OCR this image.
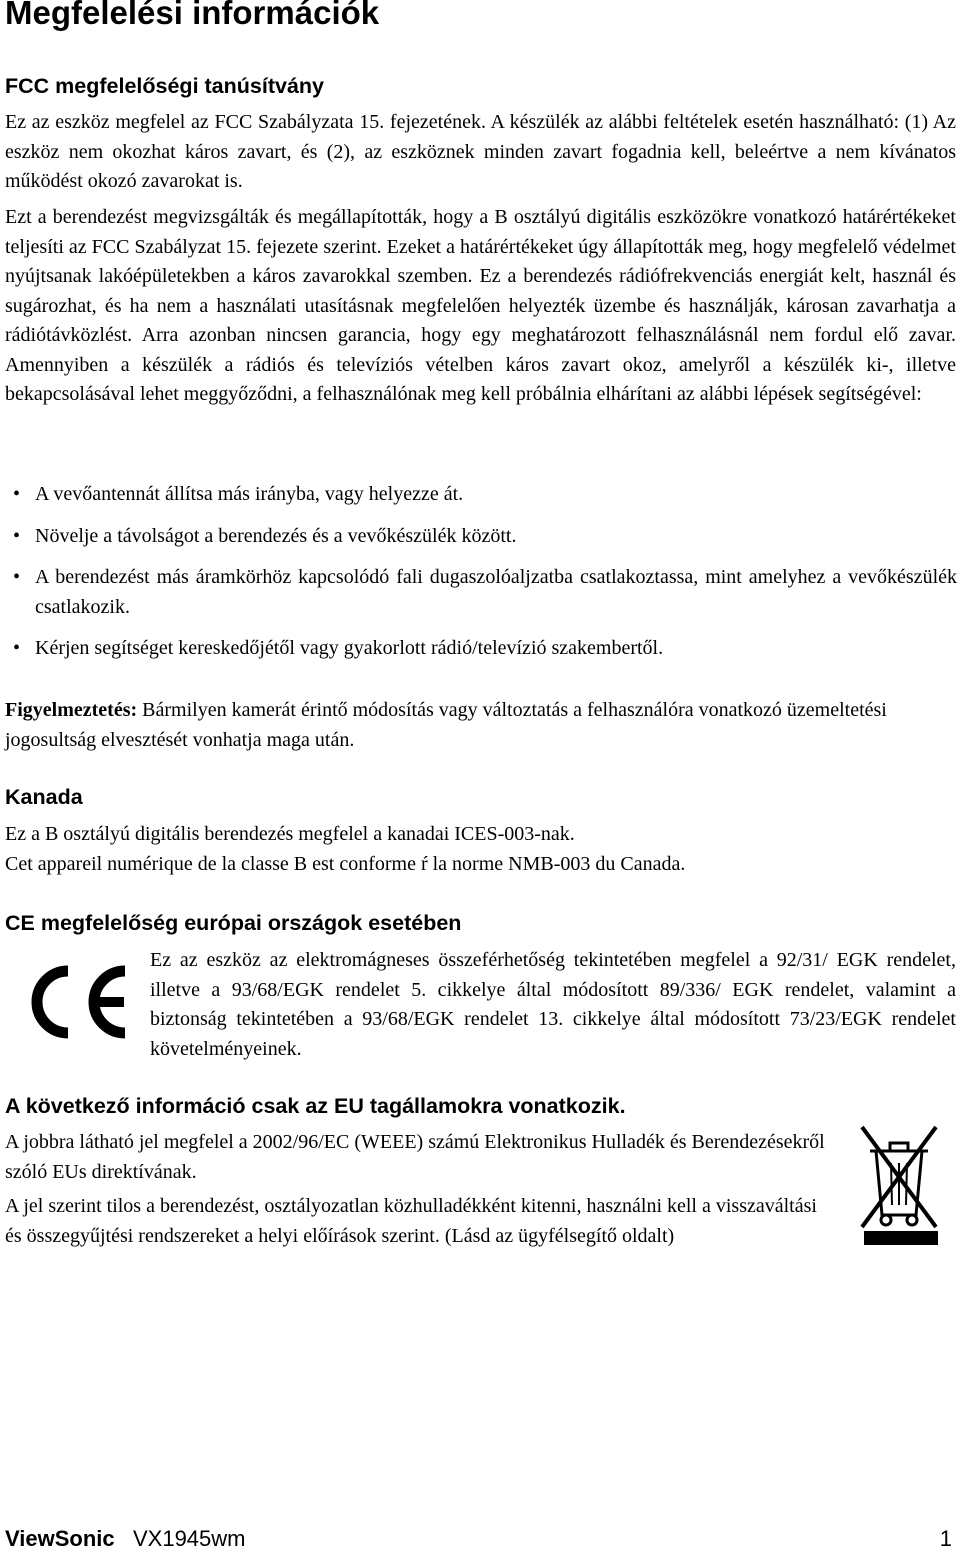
Megfelelési információk
FCC megfelelőségi tanúsítvány

Ez az eszköz megfelel az FCC Szabályzata 15. fejezetének. A készülék az alábbi feltételek esetén használható: (1) Az eszköz nem okozhat káros zavart, és (2), az eszköznek minden zavart fogadnia kell, beleértve a nem kívánatos működést okozó zavarokat is.

Ezt a berendezést megvizsgálták és megállapították, hogy a B osztályú digitális eszközökre vonatkozó határértékeket teljesíti az FCC Szabályzat 15. fejezete szerint. Ezeket a határértékeket úgy állapították meg, hogy megfelelő védelmet nyújtsanak lakóépületekben a káros zavarokkal szemben. Ez a berendezés rádiófrekvenciás energiát kelt, használ és sugározhat, és ha nem a használati utasításnak megfelelően helyezték üzembe és használják, károsan zavarhatja a rádiótávközlést. Arra azonban nincsen garancia, hogy egy meghatározott felhasználásnál nem fordul elő zavar. Amennyiben a készülék a rádiós és televíziós vételben káros zavart okoz, amelyről a készülék ki-, illetve bekapcsolásával lehet meggyőződni, a felhasználónak meg kell próbálnia elhárítani az alábbi lépések segítségével:

• A vevőantennát állítsa más irányba, vagy helyezze át.
• Növelje a távolságot a berendezés és a vevőkészülék között.
• A berendezést más áramkörhöz kapcsolódó fali dugaszolóaljzatba csatlakoztassa, mint amelyhez a vevőkészülék csatlakozik.
• Kérjen segítséget kereskedőjétől vagy gyakorlott rádió/televízió szakembertől.

Figyelmeztetés: Bármilyen kamerát érintő módosítás vagy változtatás a felhasználóra vonatkozó üzemeltetési jogosultság elvesztését vonhatja maga után.

Kanada

Ez a B osztályú digitális berendezés megfelel a kanadai ICES-003-nak.

Cet appareil numérique de la classe B est conforme ŕ la norme NMB-003 du Canada.

CE megfelelőség európai országok esetében

Ez az eszköz az elektromágneses összeférhetőség tekintetében megfelel a 92/31/ EGK rendelet, illetve a 93/68/EGK rendelet 5. cikkelye által módosított 89/336/ EGK rendelet, valamint a biztonság tekintetében a 93/68/EGK rendelet 13. cikkelye által módosított 73/23/EGK rendelet követelményeinek.

A következő információ csak az EU tagállamokra vonatkozik.

A jobbra látható jel megfelel a 2002/96/EC (WEEE) számú Elektronikus Hulladék és Berendezésekről szóló EUs direktívának.

A jel szerint tilos a berendezést, osztályozatlan közhulladékként kitenni, használni kell a visszaváltási és összegyűjtési rendszereket a helyi előírások szerint. (Lásd az ügyfélsegítő oldalt)

ViewSonic VX1945wm	1
